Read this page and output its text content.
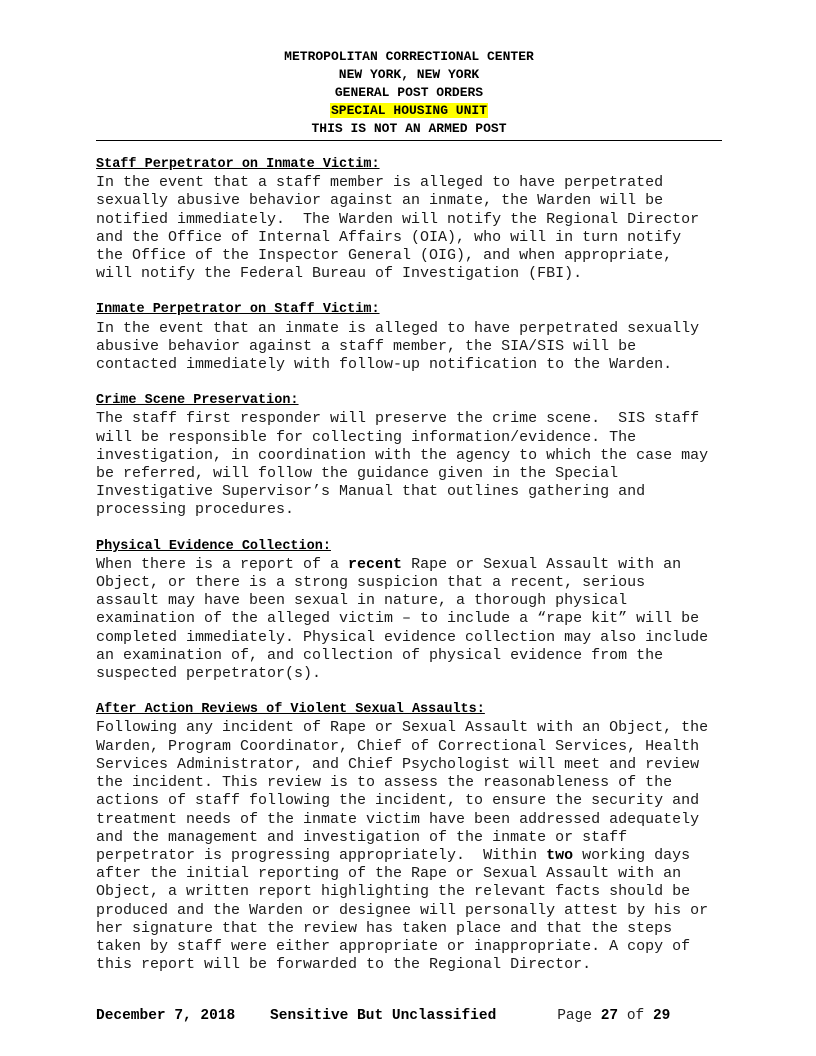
METROPOLITAN CORRECTIONAL CENTER
NEW YORK, NEW YORK
GENERAL POST ORDERS
SPECIAL HOUSING UNIT
THIS IS NOT AN ARMED POST
Staff Perpetrator on Inmate Victim:
In the event that a staff member is alleged to have perpetrated
sexually abusive behavior against an inmate, the Warden will be
notified immediately.  The Warden will notify the Regional Director
and the Office of Internal Affairs (OIA), who will in turn notify
the Office of the Inspector General (OIG), and when appropriate,
will notify the Federal Bureau of Investigation (FBI).
Inmate Perpetrator on Staff Victim:
In the event that an inmate is alleged to have perpetrated sexually
abusive behavior against a staff member, the SIA/SIS will be
contacted immediately with follow-up notification to the Warden.
Crime Scene Preservation:
The staff first responder will preserve the crime scene.  SIS staff
will be responsible for collecting information/evidence. The
investigation, in coordination with the agency to which the case may
be referred, will follow the guidance given in the Special
Investigative Supervisor’s Manual that outlines gathering and
processing procedures.
Physical Evidence Collection:
When there is a report of a recent Rape or Sexual Assault with an
Object, or there is a strong suspicion that a recent, serious
assault may have been sexual in nature, a thorough physical
examination of the alleged victim – to include a “rape kit” will be
completed immediately. Physical evidence collection may also include
an examination of, and collection of physical evidence from the
suspected perpetrator(s).
After Action Reviews of Violent Sexual Assaults:
Following any incident of Rape or Sexual Assault with an Object, the
Warden, Program Coordinator, Chief of Correctional Services, Health
Services Administrator, and Chief Psychologist will meet and review
the incident. This review is to assess the reasonableness of the
actions of staff following the incident, to ensure the security and
treatment needs of the inmate victim have been addressed adequately
and the management and investigation of the inmate or staff
perpetrator is progressing appropriately.  Within two working days
after the initial reporting of the Rape or Sexual Assault with an
Object, a written report highlighting the relevant facts should be
produced and the Warden or designee will personally attest by his or
her signature that the review has taken place and that the steps
taken by staff were either appropriate or inappropriate. A copy of
this report will be forwarded to the Regional Director.
December 7, 2018 Sensitive But Unclassified	Page 27 of 29
